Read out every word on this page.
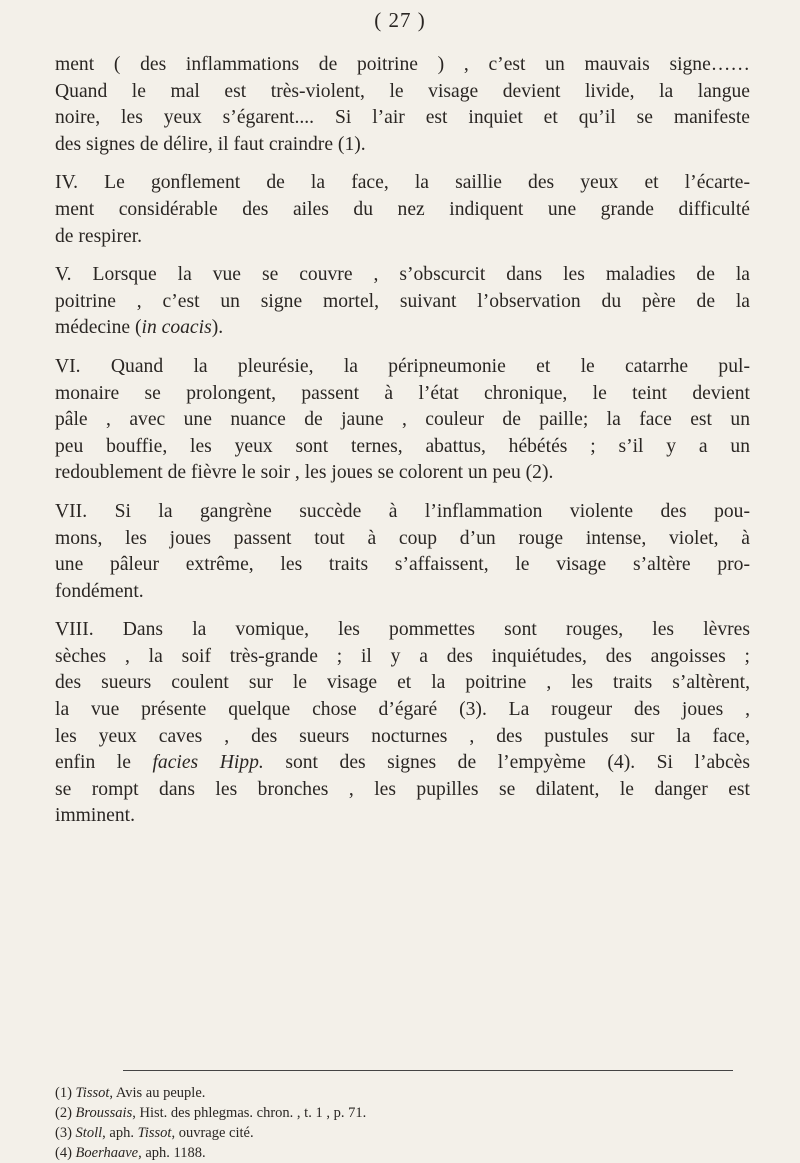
( 27 )
ment ( des inflammations de poitrine ) , c’est un mauvais signe……
Quand le mal est très-violent, le visage devient livide, la langue
noire, les yeux s’égarent.... Si l’air est inquiet et qu’il se manifeste
des signes de délire, il faut craindre (1).
IV. Le gonflement de la face, la saillie des yeux et l’écarte-
ment considérable des ailes du nez indiquent une grande difficulté
de respirer.
V. Lorsque la vue se couvre , s’obscurcit dans les maladies de la
poitrine , c’est un signe mortel, suivant l’observation du père de la
médecine (in coacis).
VI. Quand la pleurésie, la péripneumonie et le catarrhe pul-
monaire se prolongent, passent à l’état chronique, le teint devient
pâle , avec une nuance de jaune , couleur de paille; la face est un
peu bouffie, les yeux sont ternes, abattus, hébétés ; s’il y a un
redoublement de fièvre le soir , les joues se colorent un peu (2).
VII. Si la gangrène succède à l’inflammation violente des pou-
mons, les joues passent tout à coup d’un rouge intense, violet, à
une pâleur extrême, les traits s’affaissent, le visage s’altère pro-
fondément.
VIII. Dans la vomique, les pommettes sont rouges, les lèvres
sèches , la soif très-grande ; il y a des inquiétudes, des angoisses ;
des sueurs coulent sur le visage et la poitrine , les traits s’altèrent,
la vue présente quelque chose d’égaré (3). La rougeur des joues ,
les yeux caves , des sueurs nocturnes , des pustules sur la face,
enfin le facies Hipp. sont des signes de l’empyème (4). Si l’abcès
se rompt dans les bronches , les pupilles se dilatent, le danger est
imminent.
(1) Tissot, Avis au peuple.
(2) Broussais, Hist. des phlegmas. chron. , t. 1 , p. 71.
(3) Stoll, aph. Tissot, ouvrage cité.
(4) Boerhaave, aph. 1188.
